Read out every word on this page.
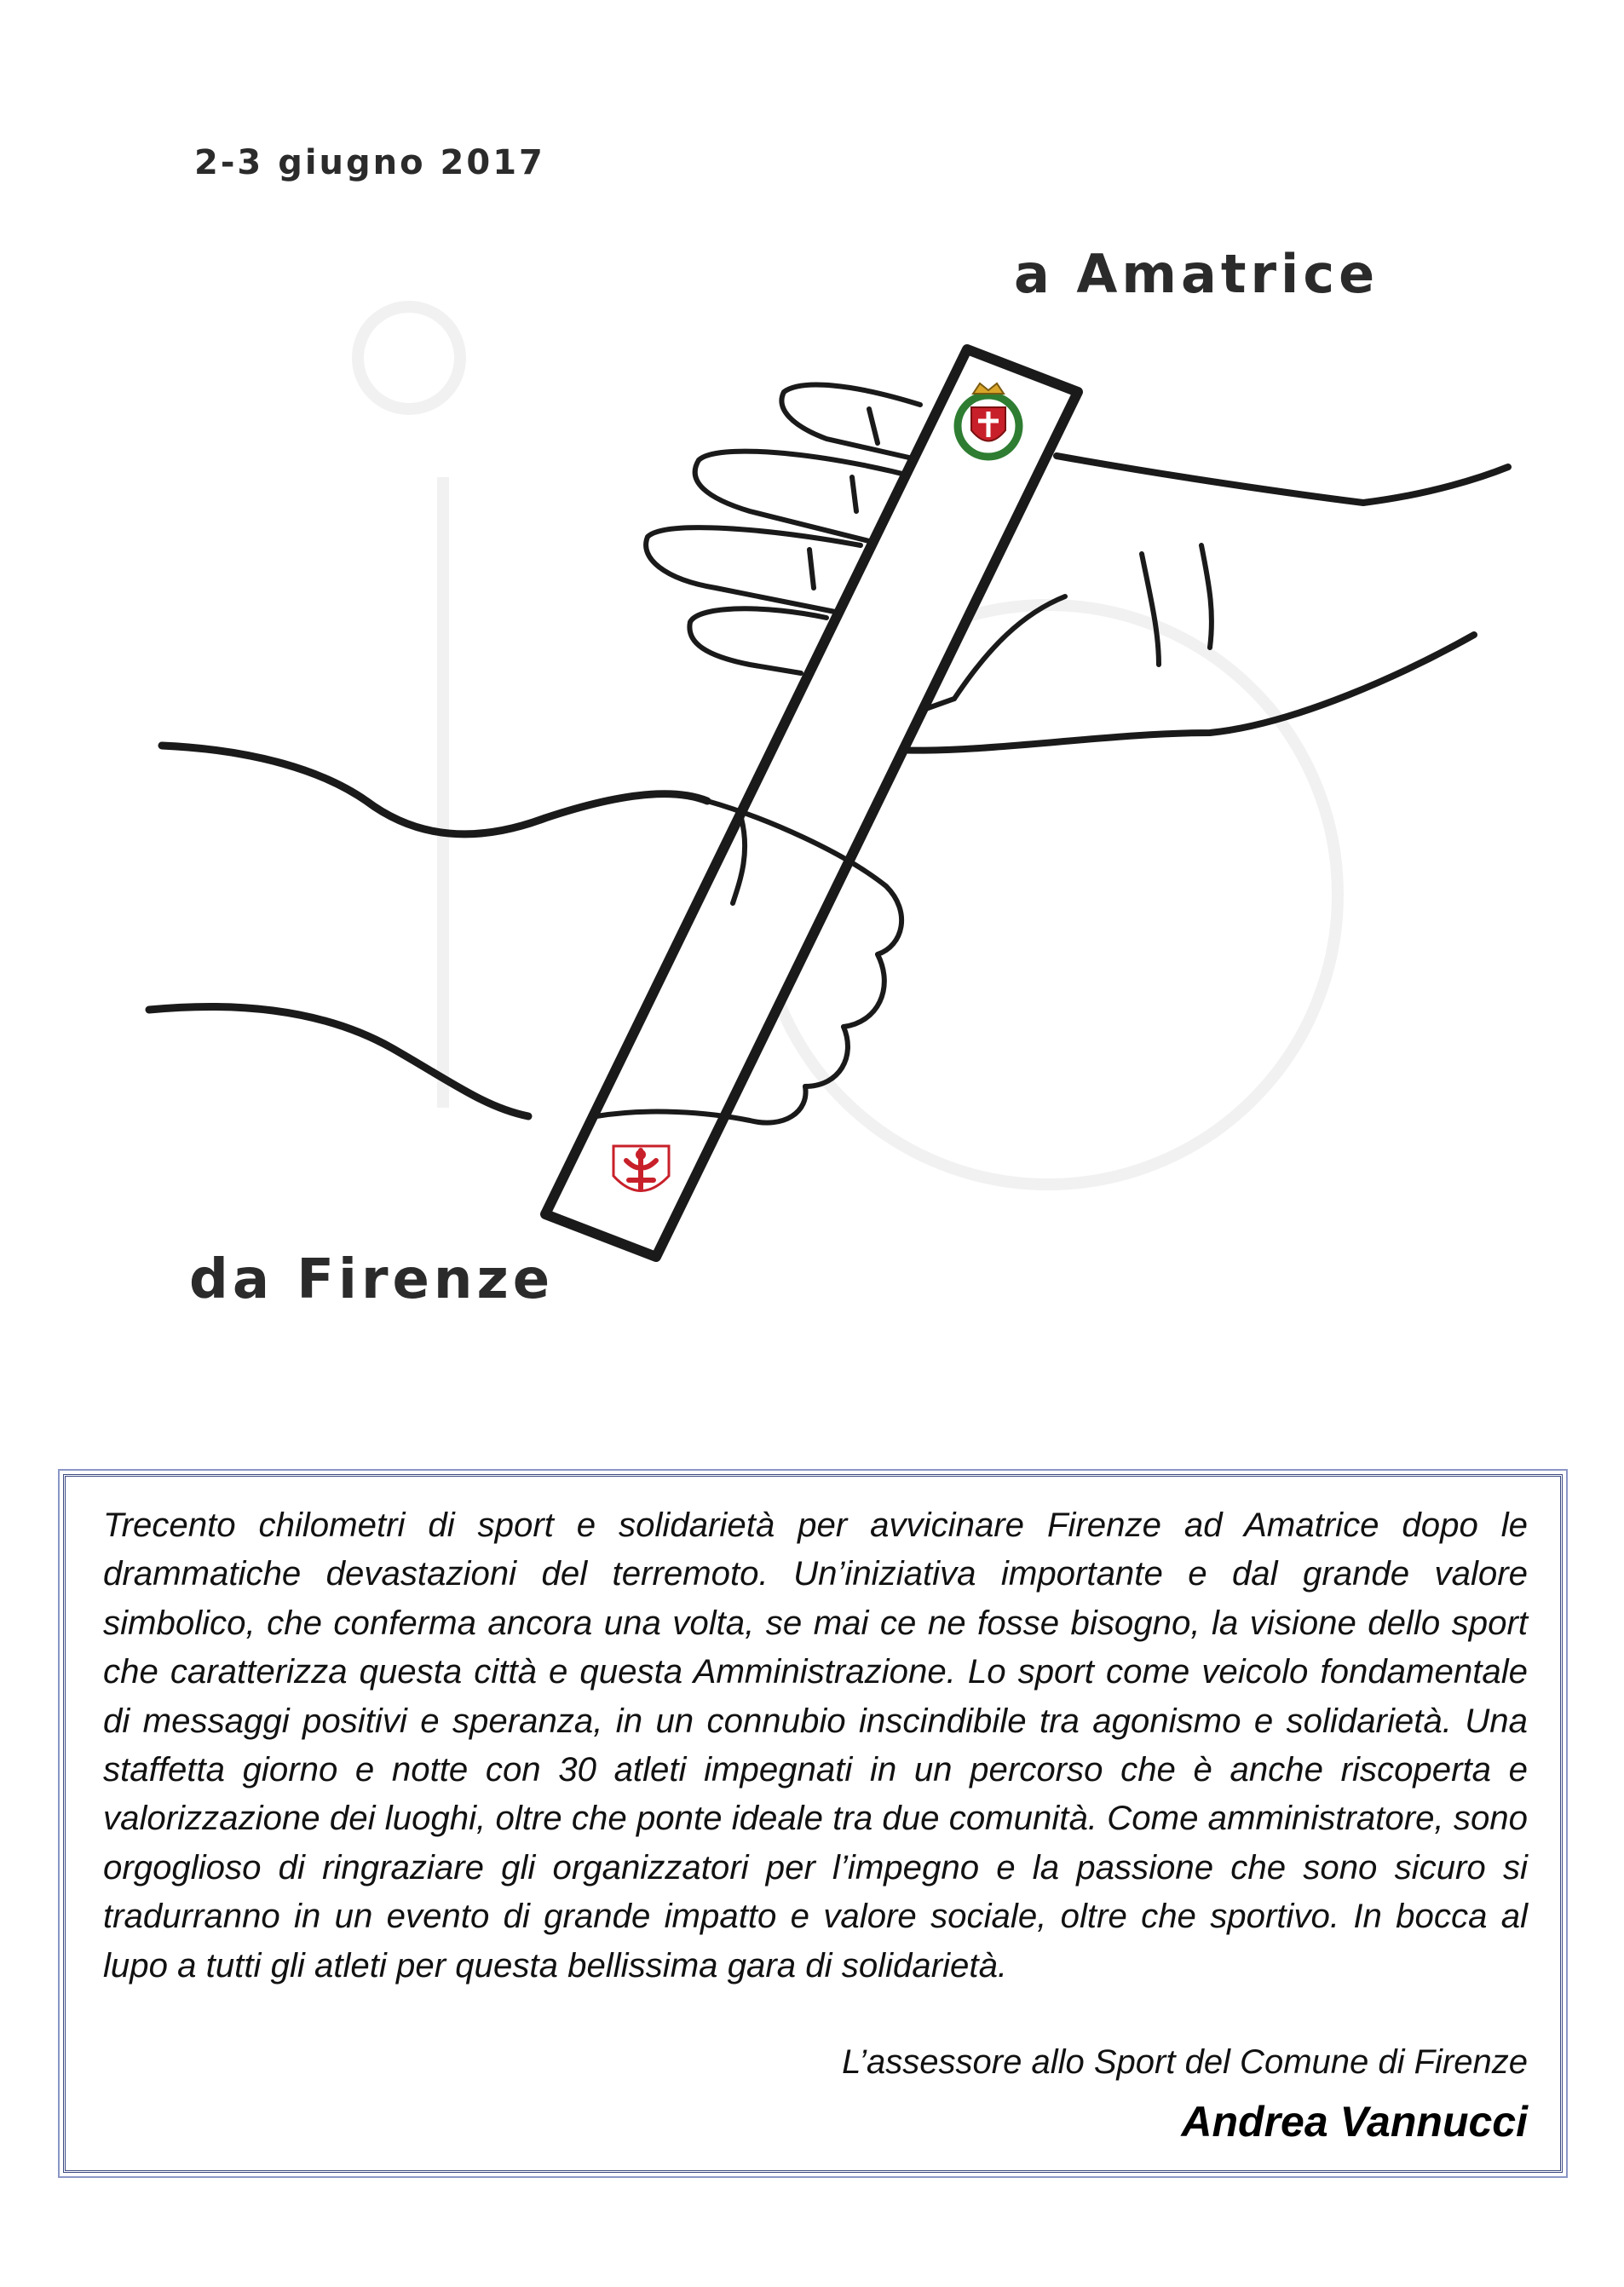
2-3 giugno 2017
a Amatrice
da Firenze
Trecento chilometri di sport e solidarietà per avvicinare Firenze ad Amatrice dopo le drammatiche devastazioni del terremoto. Un’iniziativa importante e dal grande valore simbolico, che conferma ancora una volta, se mai ce ne fosse bisogno, la visione dello sport che caratterizza questa città e questa Amministrazione. Lo sport come veicolo fondamentale di messaggi positivi e speranza, in un connubio inscindibile tra agonismo e solidarietà. Una staffetta giorno e notte con 30 atleti impegnati in un percorso che è anche riscoperta e valorizzazione dei luoghi, oltre che ponte ideale tra due comunità. Come amministratore, sono orgoglioso di ringraziare gli organizzatori per l’impegno e la passione che sono sicuro si tradurranno in un evento di grande impatto e valore sociale, oltre che sportivo. In bocca al lupo a tutti gli atleti per questa bellissima gara di solidarietà.
L’assessore allo Sport del Comune di Firenze
Andrea Vannucci
